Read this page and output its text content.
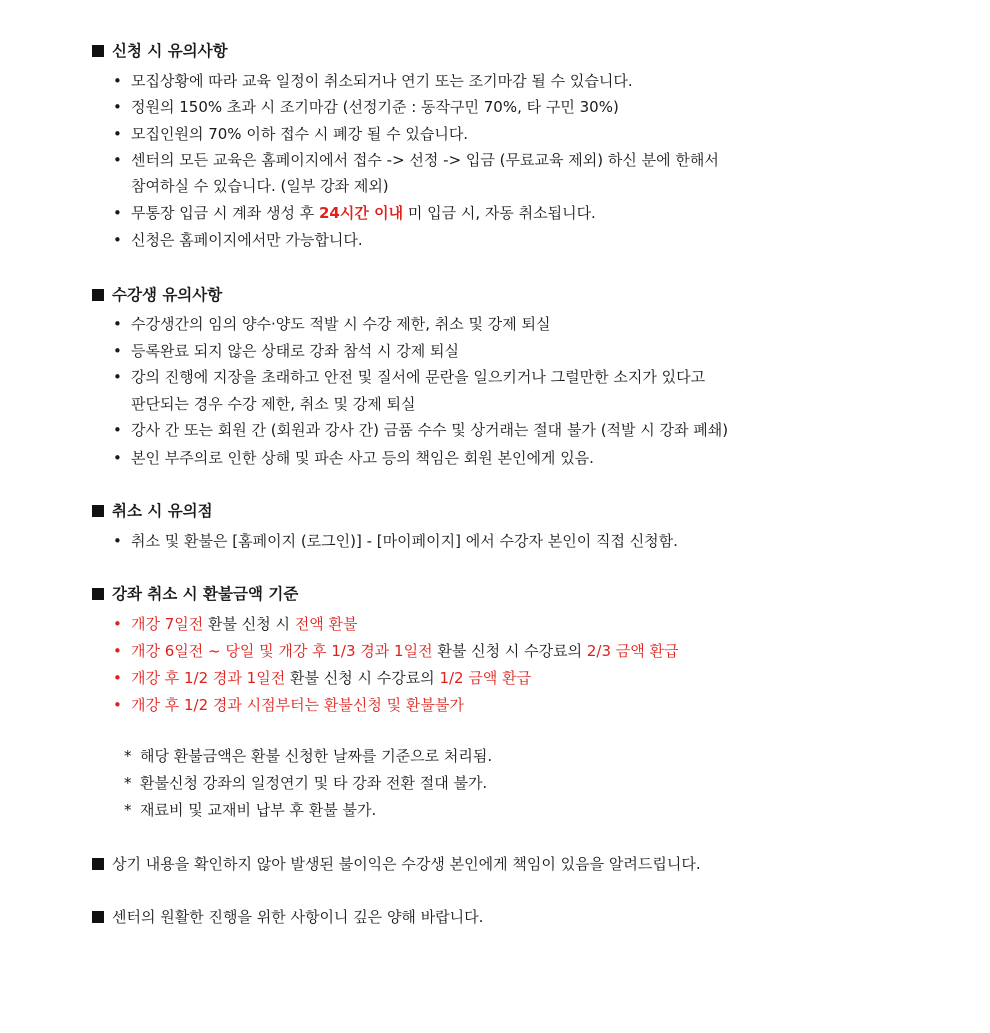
신청 시 유의사항
• 모집상황에 따라 교육 일정이 취소되거나 연기 또는 조기마감 될 수 있습니다.
• 정원의 150% 초과 시 조기마감 (선정기준 : 동작구민 70%, 타 구민 30%)
• 모집인원의 70% 이하 접수 시 폐강 될 수 있습니다.
• 센터의 모든 교육은 홈페이지에서 접수 -> 선정 -> 입금 (무료교육 제외) 하신 분에 한해서
참여하실 수 있습니다. (일부 강좌 제외)
• 무통장 입금 시 계좌 생성 후 24시간 이내 미 입금 시, 자동 취소됩니다.
• 신청은 홈페이지에서만 가능합니다.
수강생 유의사항
• 수강생간의 임의 양수·양도 적발 시 수강 제한, 취소 및 강제 퇴실
• 등록완료 되지 않은 상태로 강좌 참석 시 강제 퇴실
• 강의 진행에 지장을 초래하고 안전 및 질서에 문란을 일으키거나 그럴만한 소지가 있다고
판단되는 경우 수강 제한, 취소 및 강제 퇴실
• 강사 간 또는 회원 간 (회원과 강사 간) 금품 수수 및 상거래는 절대 불가 (적발 시 강좌 폐쇄)
• 본인 부주의로 인한 상해 및 파손 사고 등의 책임은 회원 본인에게 있음.
취소 시 유의점
• 취소 및 환불은 [홈페이지 (로그인)] - [마이페이지] 에서 수강자 본인이 직접 신청함.
강좌 취소 시 환불금액 기준
• 개강 7일전 환불 신청 시 전액 환불
• 개강 6일전 ~ 당일 및 개강 후 1/3 경과 1일전 환불 신청 시 수강료의 2/3 금액 환급
• 개강 후 1/2 경과 1일전 환불 신청 시 수강료의 1/2 금액 환급
• 개강 후 1/2 경과 시점부터는 환불신청 및 환불불가
* 해당 환불금액은 환불 신청한 날짜를 기준으로 처리됨.
* 환불신청 강좌의 일정연기 및 타 강좌 전환 절대 불가.
* 재료비 및 교재비 납부 후 환불 불가.
상기 내용을 확인하지 않아 발생된 불이익은 수강생 본인에게 책임이 있음을 알려드립니다.
센터의 원활한 진행을 위한 사항이니 깊은 양해 바랍니다.
